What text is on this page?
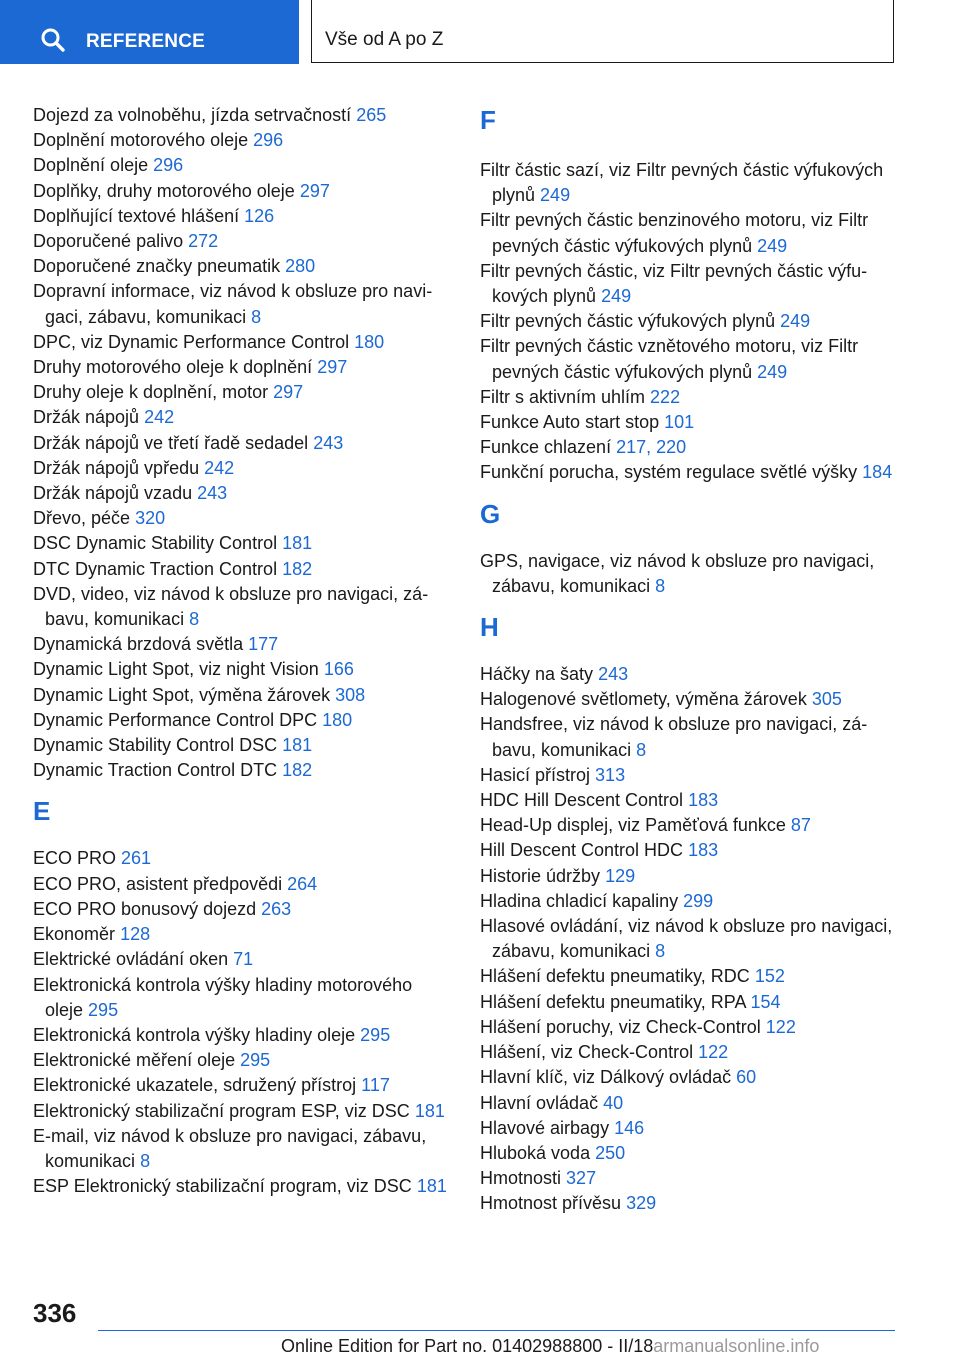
REFERENCE	Vše od A po Z
Dojezd za volnoběhu, jízda setrvačností 265
Doplnění motorového oleje 296
Doplnění oleje 296
Doplňky, druhy motorového oleje 297
Doplňující textové hlášení 126
Doporučené palivo 272
Doporučené značky pneumatik 280
Dopravní informace, viz návod k obsluze pro navigaci, zábavu, komunikaci 8
DPC, viz Dynamic Performance Control 180
Druhy motorového oleje k doplnění 297
Druhy oleje k doplnění, motor 297
Držák nápojů 242
Držák nápojů ve třetí řadě sedadel 243
Držák nápojů vpředu 242
Držák nápojů vzadu 243
Dřevo, péče 320
DSC Dynamic Stability Control 181
DTC Dynamic Traction Control 182
DVD, video, viz návod k obsluze pro navigaci, zábavu, komunikaci 8
Dynamická brzdová světla 177
Dynamic Light Spot, viz night Vision 166
Dynamic Light Spot, výměna žárovek 308
Dynamic Performance Control DPC 180
Dynamic Stability Control DSC 181
Dynamic Traction Control DTC 182
E
ECO PRO 261
ECO PRO, asistent předpovědi 264
ECO PRO bonusový dojezd 263
Ekonoměr 128
Elektrické ovládání oken 71
Elektronická kontrola výšky hladiny motorového oleje 295
Elektronická kontrola výšky hladiny oleje 295
Elektronické měření oleje 295
Elektronické ukazatele, sdružený přístroj 117
Elektronický stabilizační program ESP, viz DSC 181
E-mail, viz návod k obsluze pro navigaci, zábavu, komunikaci 8
ESP Elektronický stabilizační program, viz DSC 181
F
Filtr částic sazí, viz Filtr pevných částic výfukových plynů 249
Filtr pevných částic benzinového motoru, viz Filtr pevných částic výfukových plynů 249
Filtr pevných částic, viz Filtr pevných částic výfukových plynů 249
Filtr pevných částic výfukových plynů 249
Filtr pevných částic vznětového motoru, viz Filtr pevných částic výfukových plynů 249
Filtr s aktivním uhlím 222
Funkce Auto start stop 101
Funkce chlazení 217, 220
Funkční porucha, systém regulace světlé výšky 184
G
GPS, navigace, viz návod k obsluze pro navigaci, zábavu, komunikaci 8
H
Háčky na šaty 243
Halogenové světlomety, výměna žárovek 305
Handsfree, viz návod k obsluze pro navigaci, zábavu, komunikaci 8
Hasicí přístroj 313
HDC Hill Descent Control 183
Head-Up displej, viz Paměťová funkce 87
Hill Descent Control HDC 183
Historie údržby 129
Hladina chladicí kapaliny 299
Hlasové ovládání, viz návod k obsluze pro navigaci, zábavu, komunikaci 8
Hlášení defektu pneumatiky, RDC 152
Hlášení defektu pneumatiky, RPA 154
Hlášení poruchy, viz Check-Control 122
Hlášení, viz Check-Control 122
Hlavní klíč, viz Dálkový ovládač 60
Hlavní ovládač 40
Hlavové airbagy 146
Hluboká voda 250
Hmotnosti 327
Hmotnost přívěsu 329
336
Online Edition for Part no. 01402988800 - II/18armanualsonline.info
